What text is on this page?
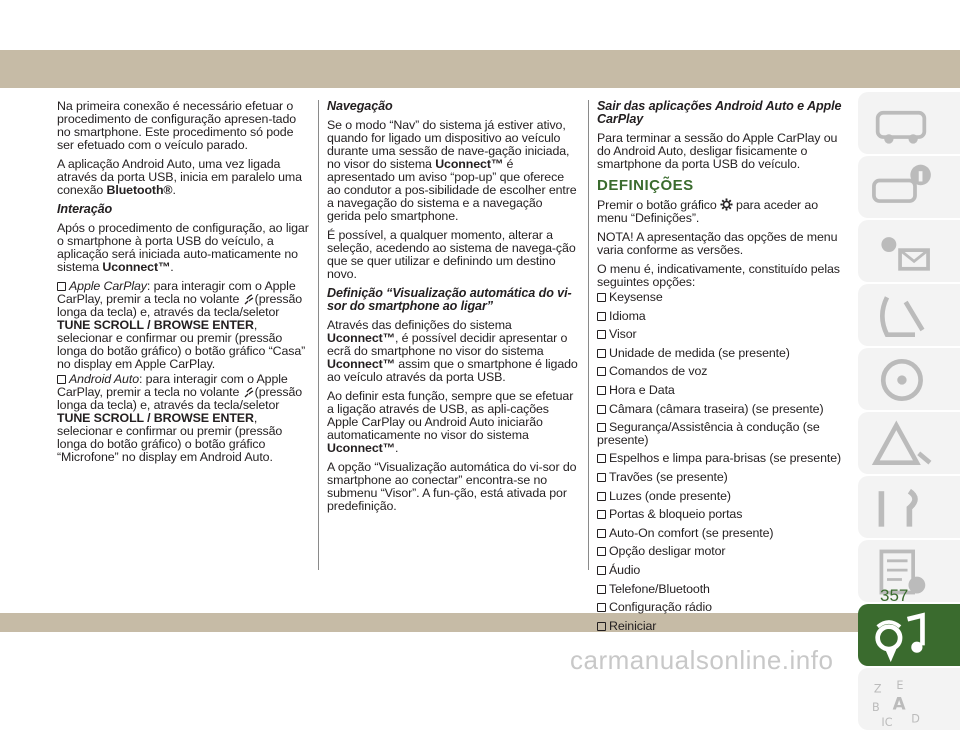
Na primeira conexão é necessário efetuar o procedimento de configuração apresen-tado no smartphone. Este procedimento só pode ser efetuado com o veículo parado.

A aplicação Android Auto, uma vez ligada através da porta USB, inicia em paralelo uma conexão Bluetooth®.

Interação

Após o procedimento de configuração, ao ligar o smartphone à porta USB do veículo, a aplicação será iniciada auto-maticamente no sistema Uconnect™.

Apple CarPlay: para interagir com o Apple CarPlay, premir a tecla no volante (pressão longa da tecla) e, através da tecla/seletor TUNE SCROLL / BROWSE ENTER, selecionar e confirmar ou premir (pressão longa do botão gráfico) o botão gráfico “Casa” no display em Apple CarPlay.

Android Auto: para interagir com o Apple CarPlay, premir a tecla no volante (pressão longa da tecla) e, através da tecla/seletor TUNE SCROLL / BROWSE ENTER, selecionar e confirmar ou premir (pressão longa do botão gráfico) o botão gráfico “Microfone” no display em Android Auto.

Navegação

Se o modo “Nav” do sistema já estiver ativo, quando for ligado um dispositivo ao veículo durante uma sessão de nave-gação iniciada, no visor do sistema Uconnect™ é apresentado um aviso “pop-up” que oferece ao condutor a pos-sibilidade de escolher entre a navegação do sistema e a navegação gerida pelo smartphone.

É possível, a qualquer momento, alterar a seleção, acedendo ao sistema de navega-ção que se quer utilizar e definindo um destino novo.

Definição “Visualização automática do vi-sor do smartphone ao ligar”

Através das definições do sistema Uconnect™, é possível decidir apresentar o ecrã do smartphone no visor do sistema Uconnect™ assim que o smartphone é ligado ao veículo através da porta USB.

Ao definir esta função, sempre que se efetuar a ligação através de USB, as apli-cações Apple CarPlay ou Android Auto iniciarão automaticamente no visor do sistema Uconnect™.

A opção “Visualização automática do vi-sor do smartphone ao conectar” encontra-se no submenu “Visor”. A fun-ção, está ativada por predefinição.

Sair das aplicações Android Auto e Apple CarPlay

Para terminar a sessão do Apple CarPlay ou do Android Auto, desligar fisicamente o smartphone da porta USB do veículo.

DEFINIÇÕES

Premir o botão gráfico para aceder ao menu “Definições”.

NOTA! A apresentação das opções de menu varia conforme as versões.

O menu é, indicativamente, constituído pelas seguintes opções:

Keysense

Idioma

Visor

Unidade de medida (se presente)

Comandos de voz

Hora e Data

Câmara (câmara traseira) (se presente)

Segurança/Assistência à condução (se presente)

Espelhos e limpa para-brisas (se presente)

Travões (se presente)

Luzes (onde presente)

Portas & bloqueio portas

Auto-On comfort (se presente)

Opção desligar motor

Áudio

Telefone/Bluetooth

Configuração rádio

Reiniciar

Z E
B A
IC D
357
carmanualsonline.info
